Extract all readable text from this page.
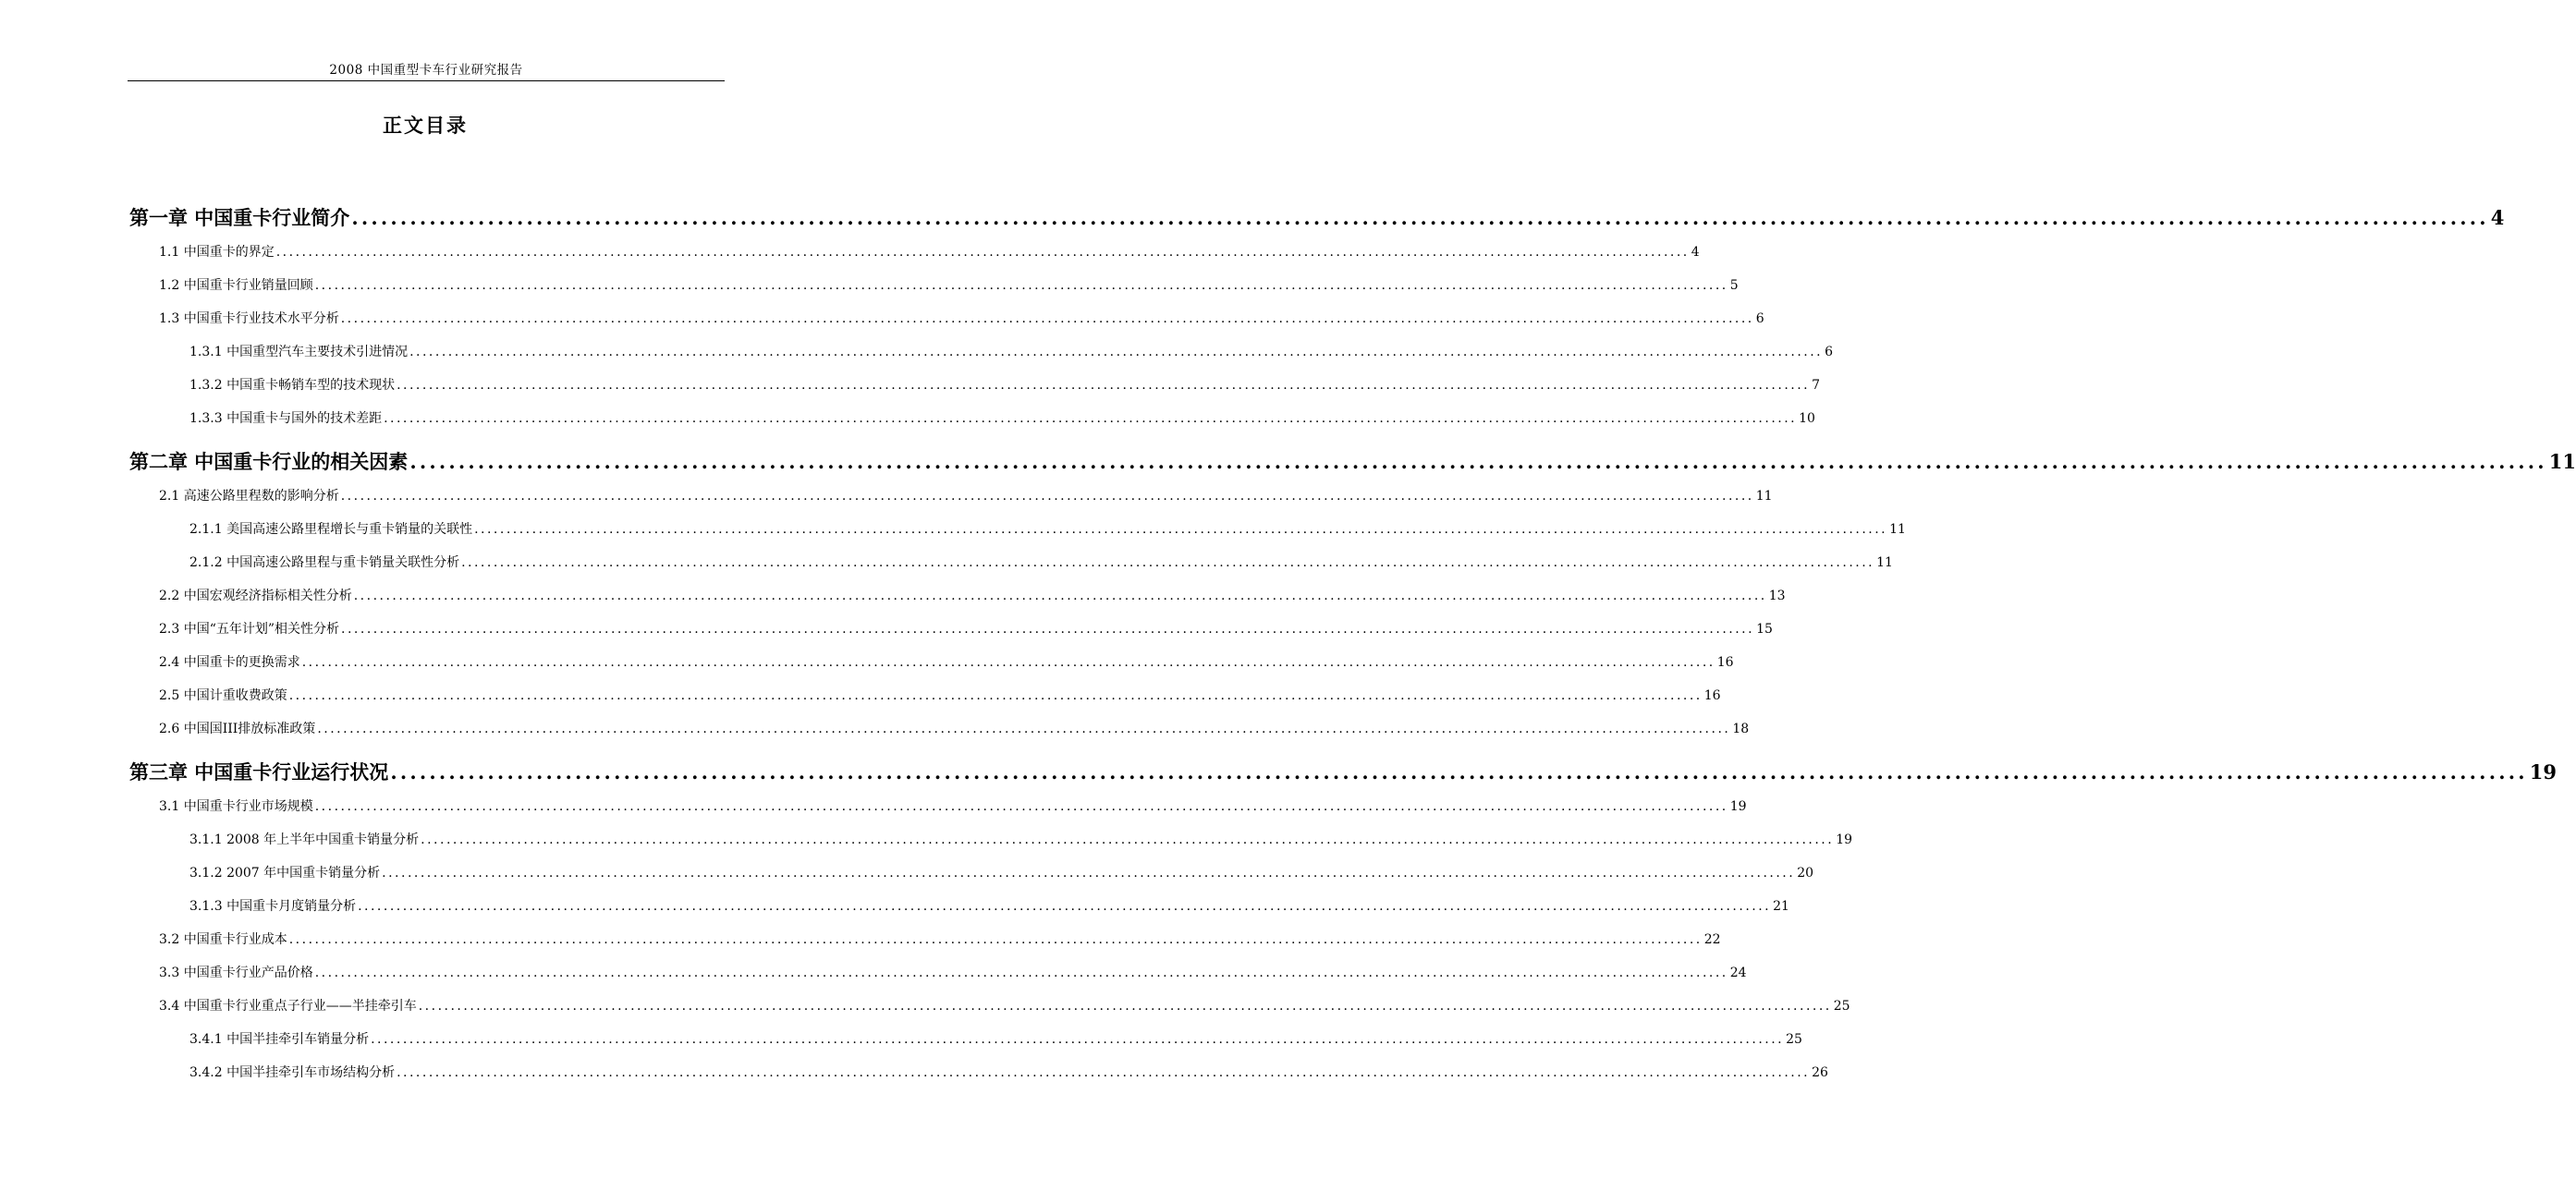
2008 中国重型卡车行业研究报告
正文目录
第一章 中国重卡行业简介 ............................................................................................................................................................................................................................ 4
1.1 中国重卡的界定 ............................................................................................................................................................................................................................ 4
1.2 中国重卡行业销量回顾 ............................................................................................................................................................................................................................ 5
1.3 中国重卡行业技术水平分析 ............................................................................................................................................................................................................................ 6
1.3.1 中国重型汽车主要技术引进情况 ............................................................................................................................................................................................................................ 6
1.3.2 中国重卡畅销车型的技术现状 ............................................................................................................................................................................................................................ 7
1.3.3 中国重卡与国外的技术差距 ............................................................................................................................................................................................................................ 10
第二章 中国重卡行业的相关因素 ............................................................................................................................................................................................................................ 11
2.1 高速公路里程数的影响分析 ............................................................................................................................................................................................................................ 11
2.1.1 美国高速公路里程增长与重卡销量的关联性 ............................................................................................................................................................................................................................ 11
2.1.2 中国高速公路里程与重卡销量关联性分析 ............................................................................................................................................................................................................................ 11
2.2 中国宏观经济指标相关性分析 ............................................................................................................................................................................................................................ 13
2.3 中国“五年计划”相关性分析 ............................................................................................................................................................................................................................ 15
2.4 中国重卡的更换需求 ............................................................................................................................................................................................................................ 16
2.5 中国计重收费政策 ............................................................................................................................................................................................................................ 16
2.6 中国国III排放标准政策 ............................................................................................................................................................................................................................ 18
第三章 中国重卡行业运行状况 ............................................................................................................................................................................................................................ 19
3.1 中国重卡行业市场规模 ............................................................................................................................................................................................................................ 19
3.1.1 2008 年上半年中国重卡销量分析 ............................................................................................................................................................................................................................ 19
3.1.2 2007 年中国重卡销量分析 ............................................................................................................................................................................................................................ 20
3.1.3 中国重卡月度销量分析 ............................................................................................................................................................................................................................ 21
3.2 中国重卡行业成本 ............................................................................................................................................................................................................................ 22
3.3 中国重卡行业产品价格 ............................................................................................................................................................................................................................ 24
3.4 中国重卡行业重点子行业——半挂牵引车 ............................................................................................................................................................................................................................ 25
3.4.1 中国半挂牵引车销量分析 ............................................................................................................................................................................................................................ 25
3.4.2 中国半挂牵引车市场结构分析 ............................................................................................................................................................................................................................ 26
